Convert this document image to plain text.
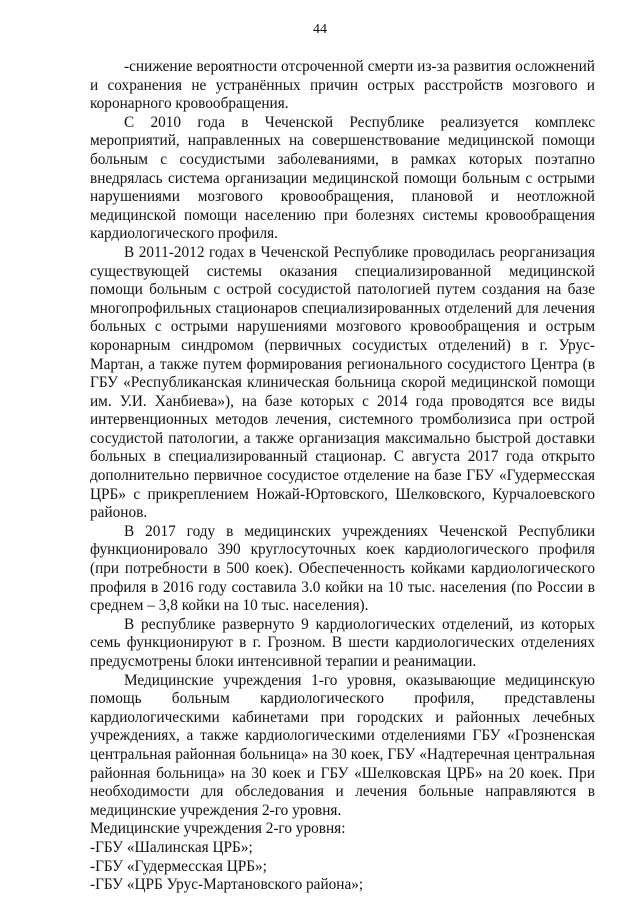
44

-снижение вероятности отсроченной смерти из-за развития осложнений и сохранения не устранённых причин острых расстройств мозгового и коронарного кровообращения.

С 2010 года в Чеченской Республике реализуется комплекс мероприятий, направленных на совершенствование медицинской помощи больным с сосудистыми заболеваниями, в рамках которых поэтапно внедрялась система организации медицинской помощи больным с острыми нарушениями мозгового кровообращения, плановой и неотложной медицинской помощи населению при болезнях системы кровообращения кардиологического профиля.

В 2011-2012 годах в Чеченской Республике проводилась реорганизация существующей системы оказания специализированной медицинской помощи больным с острой сосудистой патологией путем создания на базе многопрофильных стационаров специализированных отделений для лечения больных с острыми нарушениями мозгового кровообращения и острым коронарным синдромом (первичных сосудистых отделений) в г. Урус-Мартан, а также путем формирования регионального сосудистого Центра (в ГБУ «Республиканская клиническая больница скорой медицинской помощи им. У.И. Ханбиева»), на базе которых с 2014 года проводятся все виды интервенционных методов лечения, системного тромболизиса при острой сосудистой патологии, а также организация максимально быстрой доставки больных в специализированный стационар. С августа 2017 года открыто дополнительно первичное сосудистое отделение на базе ГБУ «Гудермесская ЦРБ» с прикреплением Ножай-Юртовского, Шелковского, Курчалоевского районов.

В 2017 году в медицинских учреждениях Чеченской Республики функционировало 390 круглосуточных коек кардиологического профиля (при потребности в 500 коек). Обеспеченность койками кардиологического профиля в 2016 году составила 3.0 койки на 10 тыс. населения (по России в среднем – 3,8 койки на 10 тыс. населения).

В республике развернуто 9 кардиологических отделений, из которых семь функционируют в г. Грозном. В шести кардиологических отделениях предусмотрены блоки интенсивной терапии и реанимации.

Медицинские учреждения 1-го уровня, оказывающие медицинскую помощь больным кардиологического профиля, представлены кардиологическими кабинетами при городских и районных лечебных учреждениях, а также кардиологическими отделениями ГБУ «Грозненская центральная районная больница» на 30 коек, ГБУ «Надтеречная центральная районная больница» на 30 коек и ГБУ «Шелковская ЦРБ» на 20 коек. При необходимости для обследования и лечения больные направляются в медицинские учреждения 2-го уровня.

Медицинские учреждения 2-го уровня:

-ГБУ «Шалинская ЦРБ»;

-ГБУ «Гудермесская ЦРБ»;

-ГБУ «ЦРБ Урус-Мартановского района»;
